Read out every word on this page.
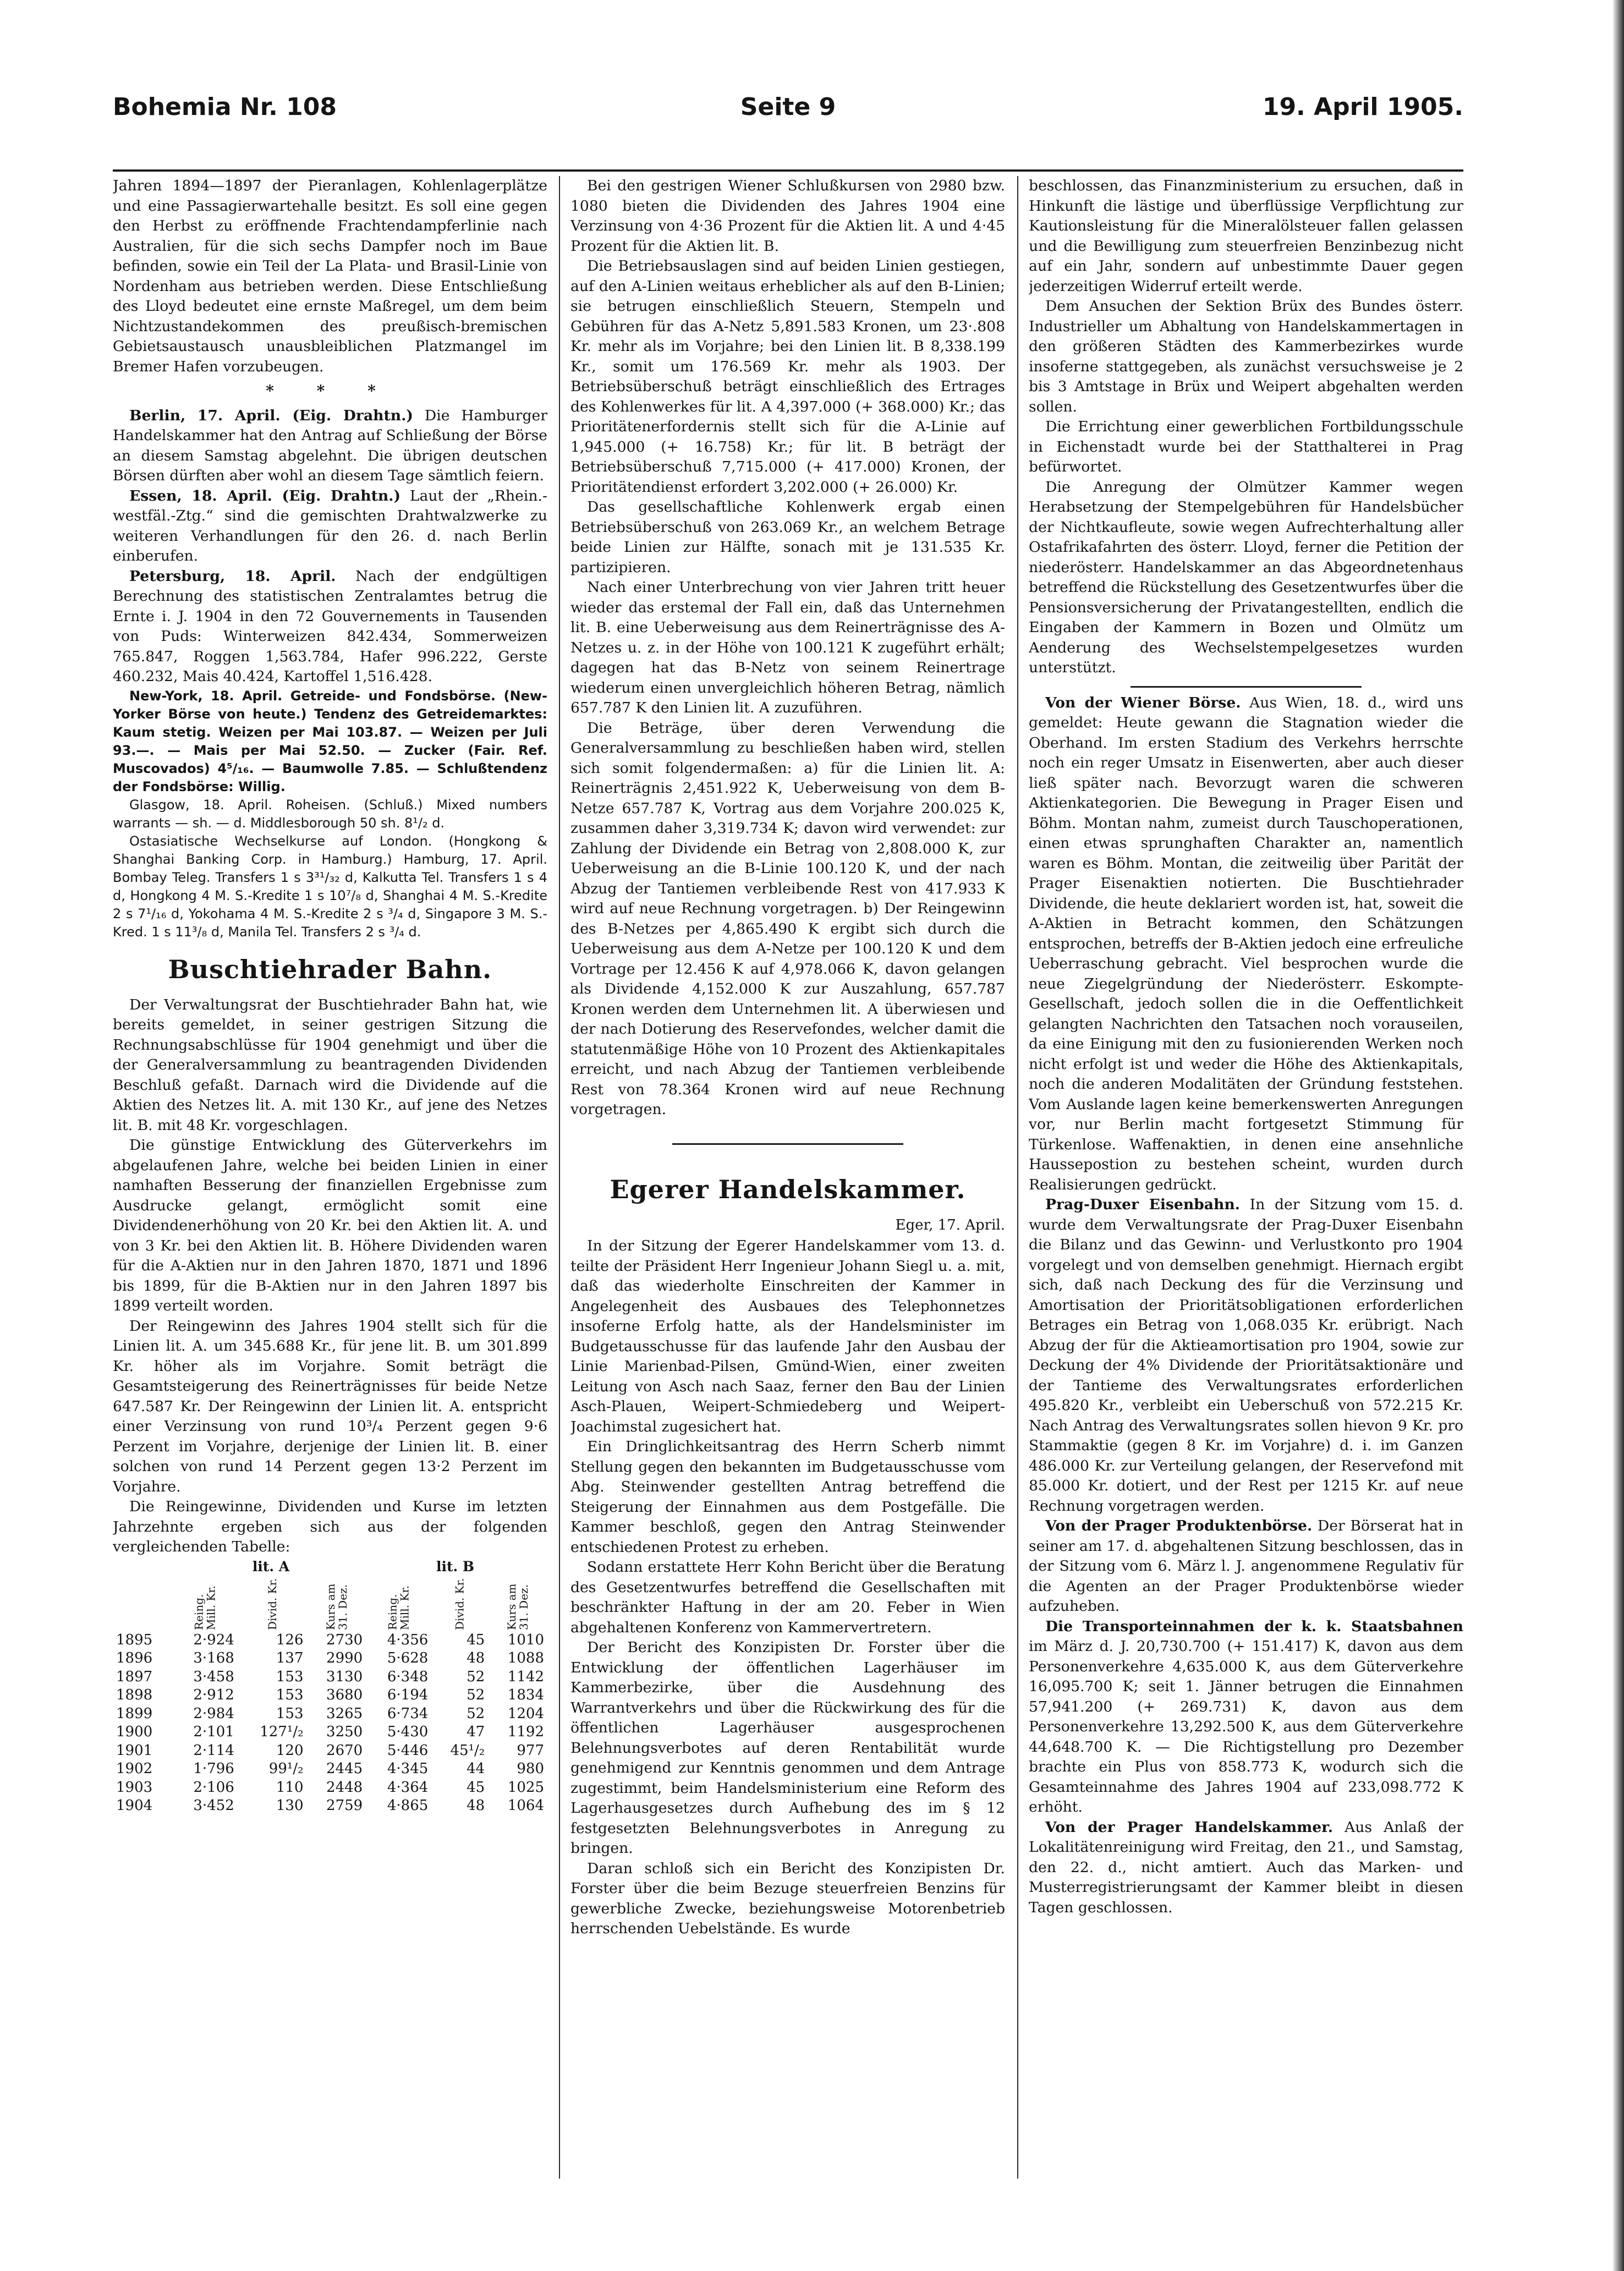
Seite 9
Bohemia Nr. 108	19. April 1905.

Jahren 1894—1897 der Pieranlagen, Kohlenlagerplätze und eine Passagierwartehalle besitzt. Es soll eine gegen den Herbst zu eröffnende Frachtendampferlinie nach Australien, für die sich sechs Dampfer noch im Baue befinden, sowie ein Teil der La Plata- und Brasil-Linie von Nordenham aus betrieben werden. Diese Entschließung des Lloyd bedeutet eine ernste Maßregel, um dem beim Nichtzustandekommen des preußisch-bremischen Gebietsaustausch unausbleiblichen Platzmangel im Bremer Hafen vorzubeugen.

* * *

Berlin, 17. April. (Eig. Drahtn.) Die Hamburger Handelskammer hat den Antrag auf Schließung der Börse an diesem Samstag abgelehnt. Die übrigen deutschen Börsen dürften aber wohl an diesem Tage sämtlich feiern.

Essen, 18. April. (Eig. Drahtn.) Laut der „Rhein.-westfäl.-Ztg.“ sind die gemischten Drahtwalzwerke zu weiteren Verhandlungen für den 26. d. nach Berlin einberufen.

Petersburg, 18. April. Nach der endgültigen Berechnung des statistischen Zentralamtes betrug die Ernte i. J. 1904 in den 72 Gouvernements in Tausenden von Puds: Winterweizen 842.434, Sommerweizen 765.847, Roggen 1,563.784, Hafer 996.222, Gerste 460.232, Mais 40.424, Kartoffel 1,516.428.

New-York, 18. April. Getreide- und Fondsbörse. (New-Yorker Börse von heute.) Tendenz des Getreidemarktes: Kaum stetig. Weizen per Mai 103.87. — Weizen per Juli 93.—. — Mais per Mai 52.50. — Zucker (Fair. Ref. Muscovados) 4⁵/₁₆. — Baumwolle 7.85. — Schlußtendenz der Fondsbörse: Willig.

Glasgow, 18. April. Roheisen. (Schluß.) Mixed numbers warrants — sh. — d. Middlesborough 50 sh. 8¹/₂ d.

Ostasiatische Wechselkurse auf London. (Hongkong & Shanghai Banking Corp. in Hamburg.) Hamburg, 17. April. Bombay Teleg. Transfers 1 s 3³¹/₃₂ d, Kalkutta Tel. Transfers 1 s 4 d, Hongkong 4 M. S.-Kredite 1 s 10⁷/₈ d, Shanghai 4 M. S.-Kredite 2 s 7¹/₁₆ d, Yokohama 4 M. S.-Kredite 2 s ³/₄ d, Singapore 3 M. S.-Kred. 1 s 11³/₈ d, Manila Tel. Transfers 2 s ³/₄ d.

Buschtiehrader Bahn.

Der Verwaltungsrat der Buschtiehrader Bahn hat, wie bereits gemeldet, in seiner gestrigen Sitzung die Rechnungsabschlüsse für 1904 genehmigt und über die der Generalversammlung zu beantragenden Dividenden Beschluß gefaßt. Darnach wird die Dividende auf die Aktien des Netzes lit. A. mit 130 Kr., auf jene des Netzes lit. B. mit 48 Kr. vorgeschlagen.

Die günstige Entwicklung des Güterverkehrs im abgelaufenen Jahre, welche bei beiden Linien in einer namhaften Besserung der finanziellen Ergebnisse zum Ausdrucke gelangt, ermöglicht somit eine Dividendenerhöhung von 20 Kr. bei den Aktien lit. A. und von 3 Kr. bei den Aktien lit. B. Höhere Dividenden waren für die A-Aktien nur in den Jahren 1870, 1871 und 1896 bis 1899, für die B-Aktien nur in den Jahren 1897 bis 1899 verteilt worden.

Der Reingewinn des Jahres 1904 stellt sich für die Linien lit. A. um 345.688 Kr., für jene lit. B. um 301.899 Kr. höher als im Vorjahre. Somit beträgt die Gesamtsteigerung des Reinerträgnisses für beide Netze 647.587 Kr. Der Reingewinn der Linien lit. A. entspricht einer Verzinsung von rund 10³/₄ Perzent gegen 9·6 Perzent im Vorjahre, derjenige der Linien lit. B. einer solchen von rund 14 Perzent gegen 13·2 Perzent im Vorjahre.

Die Reingewinne, Dividenden und Kurse im letzten Jahrzehnte ergeben sich aus der folgenden vergleichenden Tabelle:

lit. A	lit. B
	Reing. Mill. Kr.	Divid. Kr.	Kurs am 31. Dez.	Reing. Mill. Kr.	Divid. Kr.	Kurs am 31. Dez.
1895	2·924	126	2730	4·356	45	1010
1896	3·168	137	2990	5·628	48	1088
1897	3·458	153	3130	6·348	52	1142
1898	2·912	153	3680	6·194	52	1834
1899	2·984	153	3265	6·734	52	1204
1900	2·101	127¹/₂	3250	5·430	47	1192
1901	2·114	120	2670	5·446	45¹/₂	977
1902	1·796	99¹/₂	2445	4·345	44	980
1903	2·106	110	2448	4·364	45	1025
1904	3·452	130	2759	4·865	48	1064

Bei den gestrigen Wiener Schlußkursen von 2980 bzw. 1080 bieten die Dividenden des Jahres 1904 eine Verzinsung von 4·36 Prozent für die Aktien lit. A und 4·45 Prozent für die Aktien lit. B.

Die Betriebsauslagen sind auf beiden Linien gestiegen, auf den A-Linien weitaus erheblicher als auf den B-Linien; sie betrugen einschließlich Steuern, Stempeln und Gebühren für das A-Netz 5,891.583 Kronen, um 23·.808 Kr. mehr als im Vorjahre; bei den Linien lit. B 8,338.199 Kr., somit um 176.569 Kr. mehr als 1903. Der Betriebsüberschuß beträgt einschließlich des Ertrages des Kohlenwerkes für lit. A 4,397.000 (+ 368.000) Kr.; das Prioritätenerfordernis stellt sich für die A-Linie auf 1,945.000 (+ 16.758) Kr.; für lit. B beträgt der Betriebsüberschuß 7,715.000 (+ 417.000) Kronen, der Prioritätendienst erfordert 3,202.000 (+ 26.000) Kr.

Das gesellschaftliche Kohlenwerk ergab einen Betriebsüberschuß von 263.069 Kr., an welchem Betrage beide Linien zur Hälfte, sonach mit je 131.535 Kr. partizipieren.

Nach einer Unterbrechung von vier Jahren tritt heuer wieder das erstemal der Fall ein, daß das Unternehmen lit. B. eine Ueberweisung aus dem Reinerträgnisse des A-Netzes u. z. in der Höhe von 100.121 K zugeführt erhält; dagegen hat das B-Netz von seinem Reinertrage wiederum einen unvergleichlich höheren Betrag, nämlich 657.787 K den Linien lit. A zuzuführen.

Die Beträge, über deren Verwendung die Generalversammlung zu beschließen haben wird, stellen sich somit folgendermaßen: a) für die Linien lit. A: Reinerträgnis 2,451.922 K, Ueberweisung von dem B-Netze 657.787 K, Vortrag aus dem Vorjahre 200.025 K, zusammen daher 3,319.734 K; davon wird verwendet: zur Zahlung der Dividende ein Betrag von 2,808.000 K, zur Ueberweisung an die B-Linie 100.120 K, und der nach Abzug der Tantiemen verbleibende Rest von 417.933 K wird auf neue Rechnung vorgetragen. b) Der Reingewinn des B-Netzes per 4,865.490 K ergibt sich durch die Ueberweisung aus dem A-Netze per 100.120 K und dem Vortrage per 12.456 K auf 4,978.066 K, davon gelangen als Dividende 4,152.000 K zur Auszahlung, 657.787 Kronen werden dem Unternehmen lit. A überwiesen und der nach Dotierung des Reservefondes, welcher damit die statutenmäßige Höhe von 10 Prozent des Aktienkapitales erreicht, und nach Abzug der Tantiemen verbleibende Rest von 78.364 Kronen wird auf neue Rechnung vorgetragen.

Egerer Handelskammer.
Eger, 17. April.

In der Sitzung der Egerer Handelskammer vom 13. d. teilte der Präsident Herr Ingenieur Johann Siegl u. a. mit, daß das wiederholte Einschreiten der Kammer in Angelegenheit des Ausbaues des Telephonnetzes insoferne Erfolg hatte, als der Handelsminister im Budgetausschusse für das laufende Jahr den Ausbau der Linie Marienbad-Pilsen, Gmünd-Wien, einer zweiten Leitung von Asch nach Saaz, ferner den Bau der Linien Asch-Plauen, Weipert-Schmiedeberg und Weipert-Joachimstal zugesichert hat.

Ein Dringlichkeitsantrag des Herrn Scherb nimmt Stellung gegen den bekannten im Budgetausschusse vom Abg. Steinwender gestellten Antrag betreffend die Steigerung der Einnahmen aus dem Postgefälle. Die Kammer beschloß, gegen den Antrag Steinwender entschiedenen Protest zu erheben.

Sodann erstattete Herr Kohn Bericht über die Beratung des Gesetzentwurfes betreffend die Gesellschaften mit beschränkter Haftung in der am 20. Feber in Wien abgehaltenen Konferenz von Kammervertretern.

Der Bericht des Konzipisten Dr. Forster über die Entwicklung der öffentlichen Lagerhäuser im Kammerbezirke, über die Ausdehnung des Warrantverkehrs und über die Rückwirkung des für die öffentlichen Lagerhäuser ausgesprochenen Belehnungsverbotes auf deren Rentabilität wurde genehmigend zur Kenntnis genommen und dem Antrage zugestimmt, beim Handelsministerium eine Reform des Lagerhausgesetzes durch Aufhebung des im § 12 festgesetzten Belehnungsverbotes in Anregung zu bringen.

Daran schloß sich ein Bericht des Konzipisten Dr. Forster über die beim Bezuge steuerfreien Benzins für gewerbliche Zwecke, beziehungsweise Motorenbetrieb herrschenden Uebelstände. Es wurde

beschlossen, das Finanzministerium zu ersuchen, daß in Hinkunft die lästige und überflüssige Verpflichtung zur Kautionsleistung für die Mineralölsteuer fallen gelassen und die Bewilligung zum steuerfreien Benzinbezug nicht auf ein Jahr, sondern auf unbestimmte Dauer gegen jederzeitigen Widerruf erteilt werde.

Dem Ansuchen der Sektion Brüx des Bundes österr. Industrieller um Abhaltung von Handelskammertagen in den größeren Städten des Kammerbezirkes wurde insoferne stattgegeben, als zunächst versuchsweise je 2 bis 3 Amtstage in Brüx und Weipert abgehalten werden sollen.

Die Errichtung einer gewerblichen Fortbildungsschule in Eichenstadt wurde bei der Statthalterei in Prag befürwortet.

Die Anregung der Olmützer Kammer wegen Herabsetzung der Stempelgebühren für Handelsbücher der Nichtkaufleute, sowie wegen Aufrechterhaltung aller Ostafrikafahrten des österr. Lloyd, ferner die Petition der niederösterr. Handelskammer an das Abgeordnetenhaus betreffend die Rückstellung des Gesetzentwurfes über die Pensionsversicherung der Privatangestellten, endlich die Eingaben der Kammern in Bozen und Olmütz um Aenderung des Wechselstempelgesetzes wurden unterstützt.

Von der Wiener Börse. Aus Wien, 18. d., wird uns gemeldet: Heute gewann die Stagnation wieder die Oberhand. Im ersten Stadium des Verkehrs herrschte noch ein reger Umsatz in Eisenwerten, aber auch dieser ließ später nach. Bevorzugt waren die schweren Aktienkategorien. Die Bewegung in Prager Eisen und Böhm. Montan nahm, zumeist durch Tauschoperationen, einen etwas sprunghaften Charakter an, namentlich waren es Böhm. Montan, die zeitweilig über Parität der Prager Eisenaktien notierten. Die Buschtiehrader Dividende, die heute deklariert worden ist, hat, soweit die A-Aktien in Betracht kommen, den Schätzungen entsprochen, betreffs der B-Aktien jedoch eine erfreuliche Ueberraschung gebracht. Viel besprochen wurde die neue Ziegelgründung der Niederösterr. Eskompte-Gesellschaft, jedoch sollen die in die Oeffentlichkeit gelangten Nachrichten den Tatsachen noch vorauseilen, da eine Einigung mit den zu fusionierenden Werken noch nicht erfolgt ist und weder die Höhe des Aktienkapitals, noch die anderen Modalitäten der Gründung feststehen. Vom Auslande lagen keine bemerkenswerten Anregungen vor, nur Berlin macht fortgesetzt Stimmung für Türkenlose. Waffenaktien, in denen eine ansehnliche Haussepostion zu bestehen scheint, wurden durch Realisierungen gedrückt.

Prag-Duxer Eisenbahn. In der Sitzung vom 15. d. wurde dem Verwaltungsrate der Prag-Duxer Eisenbahn die Bilanz und das Gewinn- und Verlustkonto pro 1904 vorgelegt und von demselben genehmigt. Hiernach ergibt sich, daß nach Deckung des für die Verzinsung und Amortisation der Prioritätsobligationen erforderlichen Betrages ein Betrag von 1,068.035 Kr. erübrigt. Nach Abzug der für die Aktieamortisation pro 1904, sowie zur Deckung der 4% Dividende der Prioritätsaktionäre und der Tantieme des Verwaltungsrates erforderlichen 495.820 Kr., verbleibt ein Ueberschuß von 572.215 Kr. Nach Antrag des Verwaltungsrates sollen hievon 9 Kr. pro Stammaktie (gegen 8 Kr. im Vorjahre) d. i. im Ganzen 486.000 Kr. zur Verteilung gelangen, der Reservefond mit 85.000 Kr. dotiert, und der Rest per 1215 Kr. auf neue Rechnung vorgetragen werden.

Von der Prager Produktenbörse. Der Börserat hat in seiner am 17. d. abgehaltenen Sitzung beschlossen, das in der Sitzung vom 6. März l. J. angenommene Regulativ für die Agenten an der Prager Produktenbörse wieder aufzuheben.

Die Transporteinnahmen der k. k. Staatsbahnen im März d. J. 20,730.700 (+ 151.417) K, davon aus dem Personenverkehre 4,635.000 K, aus dem Güterverkehre 16,095.700 K; seit 1. Jänner betrugen die Einnahmen 57,941.200 (+ 269.731) K, davon aus dem Personenverkehre 13,292.500 K, aus dem Güterverkehre 44,648.700 K. — Die Richtigstellung pro Dezember brachte ein Plus von 858.773 K, wodurch sich die Gesamteinnahme des Jahres 1904 auf 233,098.772 K erhöht.

Von der Prager Handelskammer. Aus Anlaß der Lokalitätenreinigung wird Freitag, den 21., und Samstag, den 22. d., nicht amtiert. Auch das Marken- und Musterregistrierungsamt der Kammer bleibt in diesen Tagen geschlossen.
